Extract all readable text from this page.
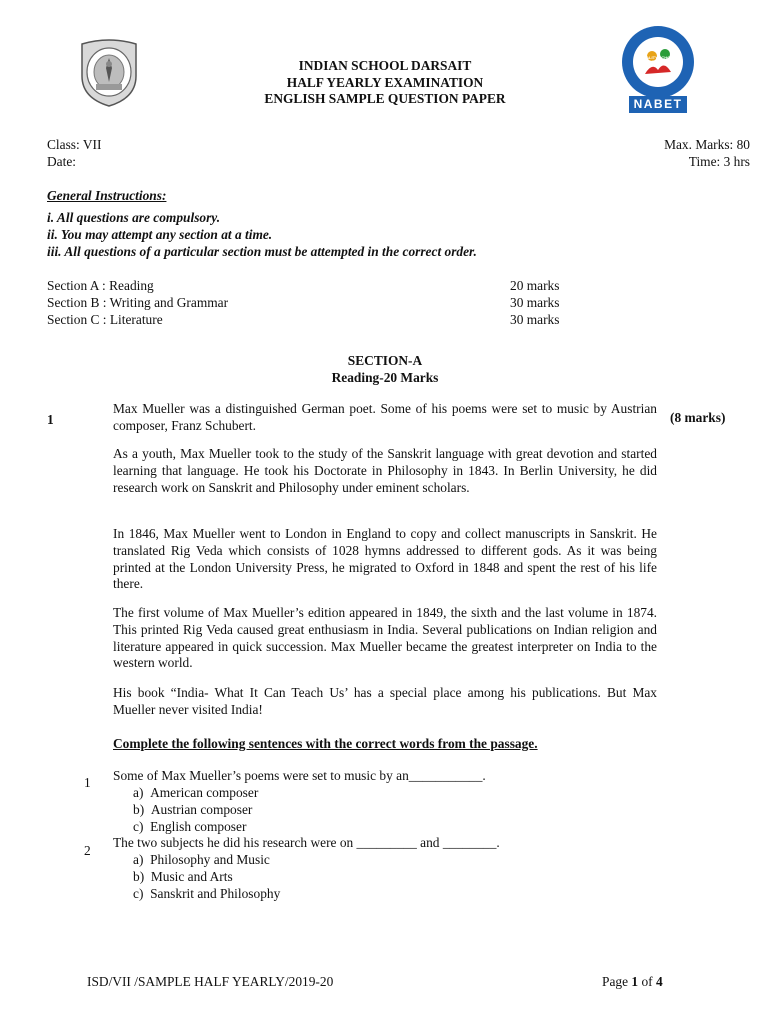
QUALITY SCHOOL GOVERNANCE
NABET
INDIAN SCHOOL DARSAIT
HALF YEARLY EXAMINATION
ENGLISH SAMPLE QUESTION PAPER
Class: VII
Date:
Max. Marks: 80
Time: 3 hrs
General Instructions:
i. All questions are compulsory.
ii. You may attempt any section at a time.
iii. All questions of a particular section must be attempted in the correct order.
Section A : Reading	20 marks
Section B : Writing and Grammar	30 marks
Section C : Literature	30 marks
SECTION-A
Reading-20 Marks
1	(8 marks)
Max Mueller was a distinguished German poet. Some of his poems were set to music by Austrian composer, Franz Schubert.
As a youth, Max Mueller took to the study of the Sanskrit language with great devotion and started learning that language. He took his Doctorate in Philosophy in 1843. In Berlin University, he did research work on Sanskrit and Philosophy under eminent scholars.
In 1846, Max Mueller went to London in England to copy and collect manuscripts in Sanskrit. He translated Rig Veda which consists of 1028 hymns addressed to different gods. As it was being printed at the London University Press, he migrated to Oxford in 1848 and spent the rest of his life there.
The first volume of Max Mueller’s edition appeared in 1849, the sixth and the last volume in 1874. This printed Rig Veda caused great enthusiasm in India. Several publications on Indian religion and literature appeared in quick succession. Max Mueller became the greatest interpreter on India to the western world.
His book “India- What It Can Teach Us’ has a special place among his publications. But Max Mueller never visited India!
Complete the following sentences with the correct words from the passage.
1 Some of Max Mueller’s poems were set to music by an___________.
a)  American composer
b)  Austrian composer
c)  English composer
2
The two subjects he did his research were on _________ and ________.
a)  Philosophy and Music
b)  Music and Arts
c)  Sanskrit and Philosophy
ISD/VII /SAMPLE HALF YEARLY/2019-20	Page 1 of 4
